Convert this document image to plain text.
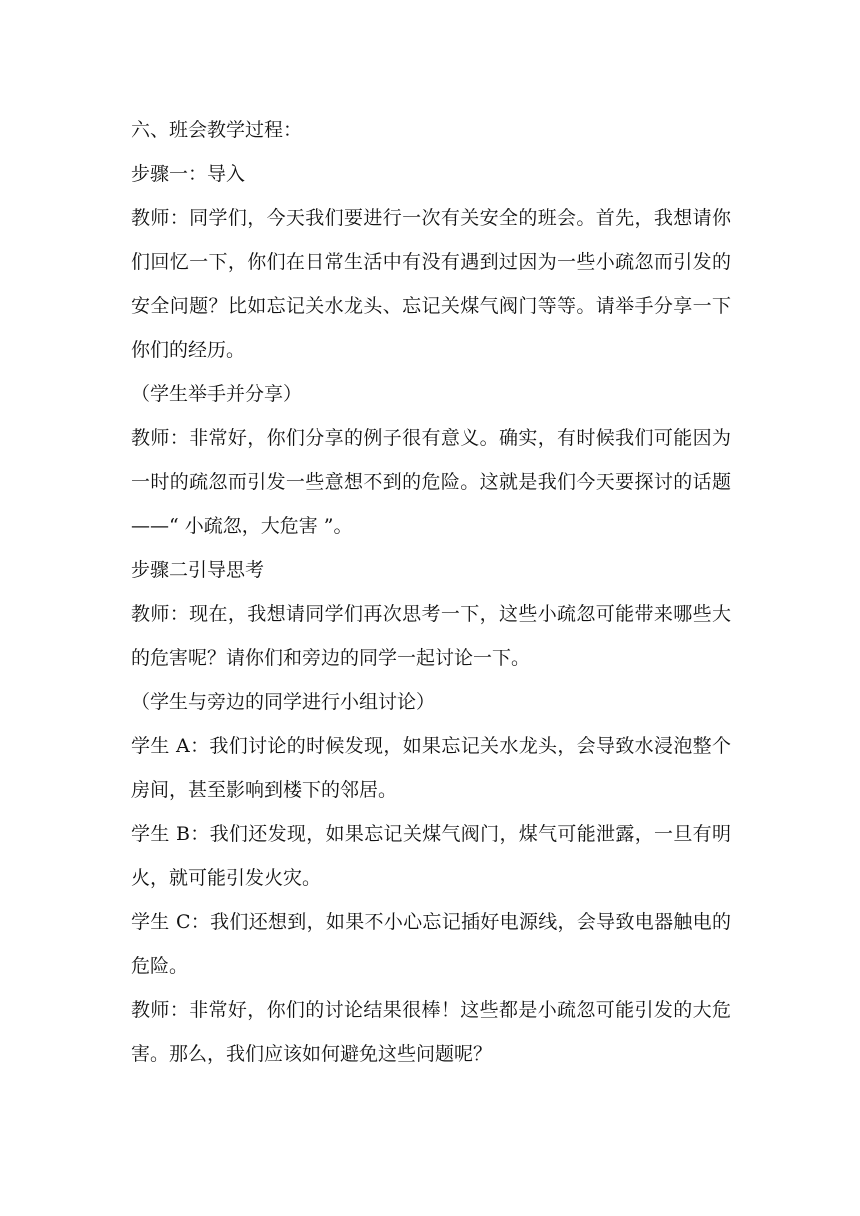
六、班会教学过程：

步骤一：导入

教师：同学们，今天我们要进行一次有关安全的班会。首先，我想请你们回忆一下，你们在日常生活中有没有遇到过因为一些小疏忽而引发的安全问题？比如忘记关水龙头、忘记关煤气阀门等等。请举手分享一下你们的经历。

（学生举手并分享）

教师：非常好，你们分享的例子很有意义。确实，有时候我们可能因为一时的疏忽而引发一些意想不到的危险。这就是我们今天要探讨的话题——“ 小疏忽，大危害 ”。

步骤二引导思考

教师：现在，我想请同学们再次思考一下，这些小疏忽可能带来哪些大的危害呢？请你们和旁边的同学一起讨论一下。

（学生与旁边的同学进行小组讨论）

学生 A：我们讨论的时候发现，如果忘记关水龙头，会导致水浸泡整个房间，甚至影响到楼下的邻居。

学生 B：我们还发现，如果忘记关煤气阀门，煤气可能泄露，一旦有明火，就可能引发火灾。

学生 C：我们还想到，如果不小心忘记插好电源线，会导致电器触电的危险。

教师：非常好，你们的讨论结果很棒！这些都是小疏忽可能引发的大危害。那么，我们应该如何避免这些问题呢？
